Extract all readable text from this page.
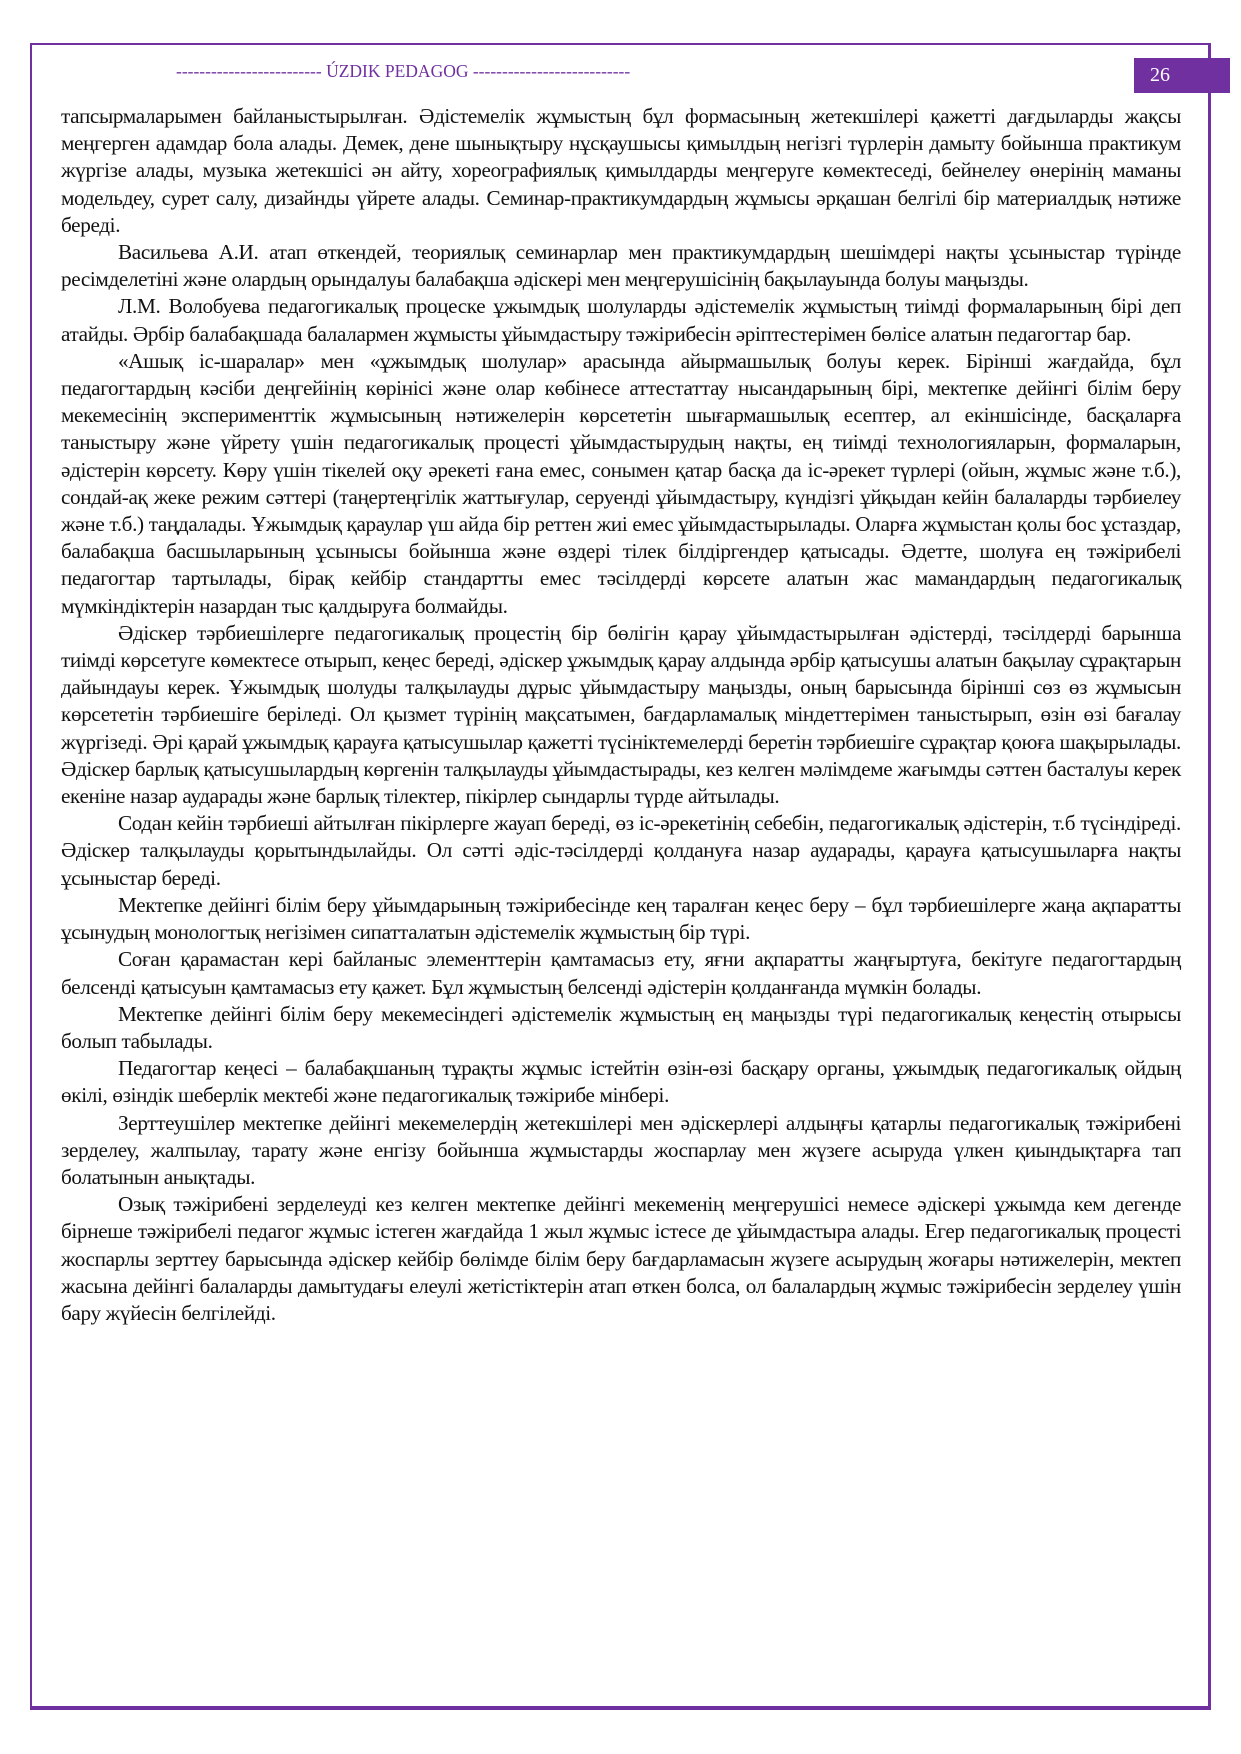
------------------------- ÚZDIK PEDAGOG ---------------------------	26

тапсырмаларымен байланыстырылған. Әдістемелік жұмыстың бұл формасының жетекшілері қажетті дағдыларды жақсы меңгерген адамдар бола алады. Демек, дене шынықтыру нұсқаушысы қимылдың негізгі түрлерін дамыту бойынша практикум жүргізе алады, музыка жетекшісі ән айту, хореографиялық қимылдарды меңгеруге көмектеседі, бейнелеу өнерінің маманы модельдеу, сурет салу, дизайнды үйрете алады. Семинар-практикумдардың жұмысы әрқашан белгілі бір материалдық нәтиже береді.

Васильева А.И. атап өткендей, теориялық семинарлар мен практикумдардың шешімдері нақты ұсыныстар түрінде ресімделетіні және олардың орындалуы балабақша әдіскері мен меңгерушісінің бақылауында болуы маңызды.

Л.М. Волобуева педагогикалық процеске ұжымдық шолуларды әдістемелік жұмыстың тиімді формаларының бірі деп атайды. Әрбір балабақшада балалармен жұмысты ұйымдастыру тәжірибесін әріптестерімен бөлісе алатын педагогтар бар.

«Ашық іс-шаралар» мен «ұжымдық шолулар» арасында айырмашылық болуы керек. Бірінші жағдайда, бұл педагогтардың кәсіби деңгейінің көрінісі және олар көбінесе аттестаттау нысандарының бірі, мектепке дейінгі білім беру мекемесінің эксперименттік жұмысының нәтижелерін көрсететін шығармашылық есептер, ал екіншісінде, басқаларға таныстыру және үйрету үшін педагогикалық процесті ұйымдастырудың нақты, ең тиімді технологияларын, формаларын, әдістерін көрсету. Көру үшін тікелей оқу әрекеті ғана емес, сонымен қатар басқа да іс-әрекет түрлері (ойын, жұмыс және т.б.), сондай-ақ жеке режим сәттері (таңертеңгілік жаттығулар, серуенді ұйымдастыру, күндізгі ұйқыдан кейін балаларды тәрбиелеу және т.б.) таңдалады. Ұжымдық қараулар үш айда бір реттен жиі емес ұйымдастырылады. Оларға жұмыстан қолы бос ұстаздар, балабақша басшыларының ұсынысы бойынша және өздері тілек білдіргендер қатысады. Әдетте, шолуға ең тәжірибелі педагогтар тартылады, бірақ кейбір стандартты емес тәсілдерді көрсете алатын жас мамандардың педагогикалық мүмкіндіктерін назардан тыс қалдыруға болмайды.

Әдіскер тәрбиешілерге педагогикалық процестің бір бөлігін қарау ұйымдастырылған әдістерді, тәсілдерді барынша тиімді көрсетуге көмектесе отырып, кеңес береді, әдіскер ұжымдық қарау алдында әрбір қатысушы алатын бақылау сұрақтарын дайындауы керек. Ұжымдық шолуды талқылауды дұрыс ұйымдастыру маңызды, оның барысында бірінші сөз өз жұмысын көрсететін тәрбиешіге беріледі. Ол қызмет түрінің мақсатымен, бағдарламалық міндеттерімен таныстырып, өзін өзі бағалау жүргізеді. Әрі қарай ұжымдық қарауға қатысушылар қажетті түсініктемелерді беретін тәрбиешіге сұрақтар қоюға шақырылады. Әдіскер барлық қатысушылардың көргенін талқылауды ұйымдастырады, кез келген мәлімдеме жағымды сәттен басталуы керек екеніне назар аударады және барлық тілектер, пікірлер сындарлы түрде айтылады.

Содан кейін тәрбиеші айтылған пікірлерге жауап береді, өз іс-әрекетінің себебін, педагогикалық әдістерін, т.б түсіндіреді. Әдіскер талқылауды қорытындылайды. Ол сәтті әдіс-тәсілдерді қолдануға назар аударады, қарауға қатысушыларға нақты ұсыныстар береді.

Мектепке дейінгі білім беру ұйымдарының тәжірибесінде кең таралған кеңес беру – бұл тәрбиешілерге жаңа ақпаратты ұсынудың монологтық негізімен сипатталатын әдістемелік жұмыстың бір түрі.

Соған қарамастан кері байланыс элементтерін қамтамасыз ету, яғни ақпаратты жаңғыртуға, бекітуге педагогтардың белсенді қатысуын қамтамасыз ету қажет. Бұл жұмыстың белсенді әдістерін қолданғанда мүмкін болады.

Мектепке дейінгі білім беру мекемесіндегі әдістемелік жұмыстың ең маңызды түрі педагогикалық кеңестің отырысы болып табылады.

Педагогтар кеңесі – балабақшаның тұрақты жұмыс істейтін өзін-өзі басқару органы, ұжымдық педагогикалық ойдың өкілі, өзіндік шеберлік мектебі және педагогикалық тәжірибе мінбері.

Зерттеушілер мектепке дейінгі мекемелердің жетекшілері мен әдіскерлері алдыңғы қатарлы педагогикалық тәжірибені зерделеу, жалпылау, тарату және енгізу бойынша жұмыстарды жоспарлау мен жүзеге асыруда үлкен қиындықтарға тап болатынын анықтады.

Озық тәжірибені зерделеуді кез келген мектепке дейінгі мекеменің меңгерушісі немесе әдіскері ұжымда кем дегенде бірнеше тәжірибелі педагог жұмыс істеген жағдайда 1 жыл жұмыс істесе де ұйымдастыра алады. Егер педагогикалық процесті жоспарлы зерттеу барысында әдіскер кейбір бөлімде білім беру бағдарламасын жүзеге асырудың жоғары нәтижелерін, мектеп жасына дейінгі балаларды дамытудағы елеулі жетістіктерін атап өткен болса, ол балалардың жұмыс тәжірибесін зерделеу үшін бару жүйесін белгілейді.
